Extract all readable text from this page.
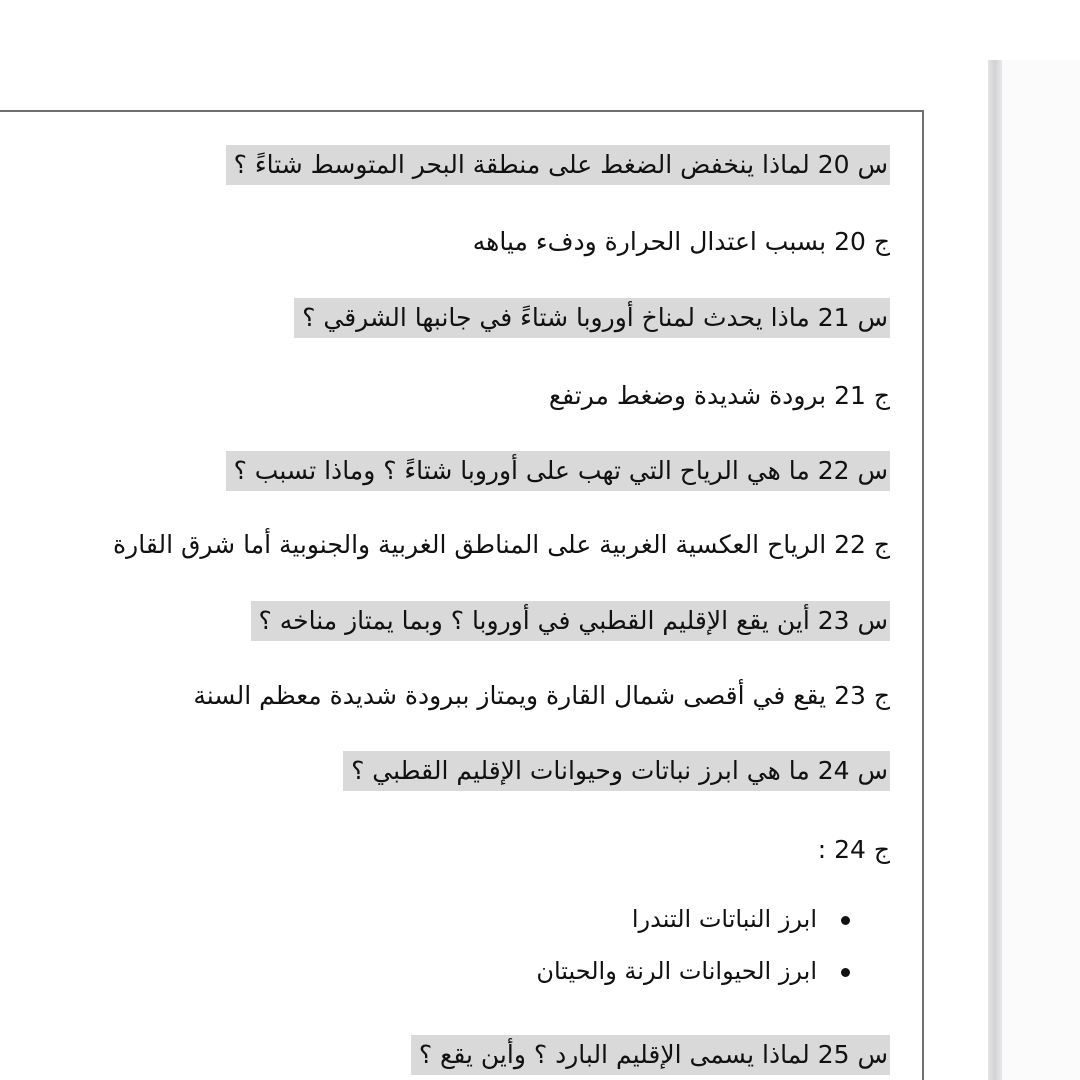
س 20 لماذا ينخفض الضغط على منطقة البحر المتوسط شتاءً ؟
ج 20 بسبب اعتدال الحرارة ودفء مياهه
س 21 ماذا يحدث لمناخ أوروبا شتاءً في جانبها الشرقي ؟
ج 21 برودة شديدة وضغط مرتفع
س 22 ما هي الرياح التي تهب على أوروبا شتاءً ؟ وماذا تسبب ؟
ج 22 الرياح العكسية الغربية على المناطق الغربية والجنوبية أما شرق القارة
س 23 أين يقع الإقليم القطبي في أوروبا ؟ وبما يمتاز مناخه ؟
ج 23 يقع في أقصى شمال القارة ويمتاز ببرودة شديدة معظم السنة
س 24 ما هي ابرز نباتات وحيوانات الإقليم القطبي ؟
ج 24 :
ابرز النباتات التندرا
ابرز الحيوانات الرنة والحيتان
س 25 لماذا يسمى الإقليم البارد ؟ وأين يقع ؟
